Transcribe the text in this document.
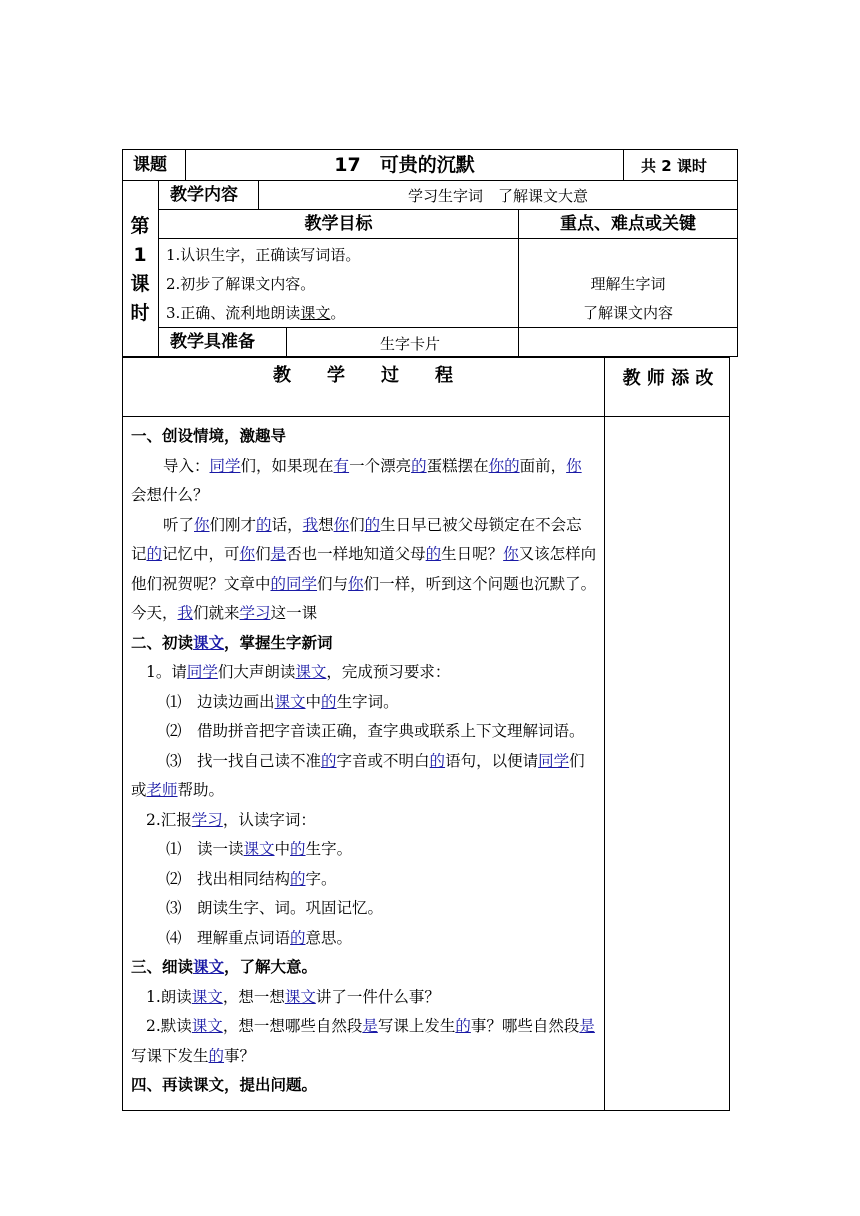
课题	17　可贵的沉默	共 2 课时
第
1
课
时
教学内容	学习生字词　了解课文大意
教学目标	重点、难点或关键
1.认识生字，正确读写词语。
2.初步了解课文内容。
3.正确、流利地朗读课文。
理解生字词
了解课文内容
教学具准备	生字卡片
教　　学　　过　　程	教 师 添 改

一、创设情境，激趣导

导入：同学们，如果现在有一个漂亮的蛋糕摆在你的面前，你会想什么？

听了你们刚才的话，我想你们的生日早已被父母锁定在不会忘记的记忆中，可你们是否也一样地知道父母的生日呢？你又该怎样向他们祝贺呢？文章中的同学们与你们一样，听到这个问题也沉默了。今天，我们就来学习这一课

二、初读课文，掌握生字新词

1。请同学们大声朗读课文，完成预习要求：

⑴　边读边画出课文中的生字词。

⑵　借助拼音把字音读正确，查字典或联系上下文理解词语。

⑶　找一找自己读不准的字音或不明白的语句，以便请同学们或老师帮助。

2.汇报学习，认读字词：

⑴　读一读课文中的生字。

⑵　找出相同结构的字。

⑶　朗读生字、词。巩固记忆。

⑷　理解重点词语的意思。

三、细读课文，了解大意。

1.朗读课文，想一想课文讲了一件什么事？

2.默读课文，想一想哪些自然段是写课上发生的事？哪些自然段是写课下发生的事？

四、再读课文，提出问题。
